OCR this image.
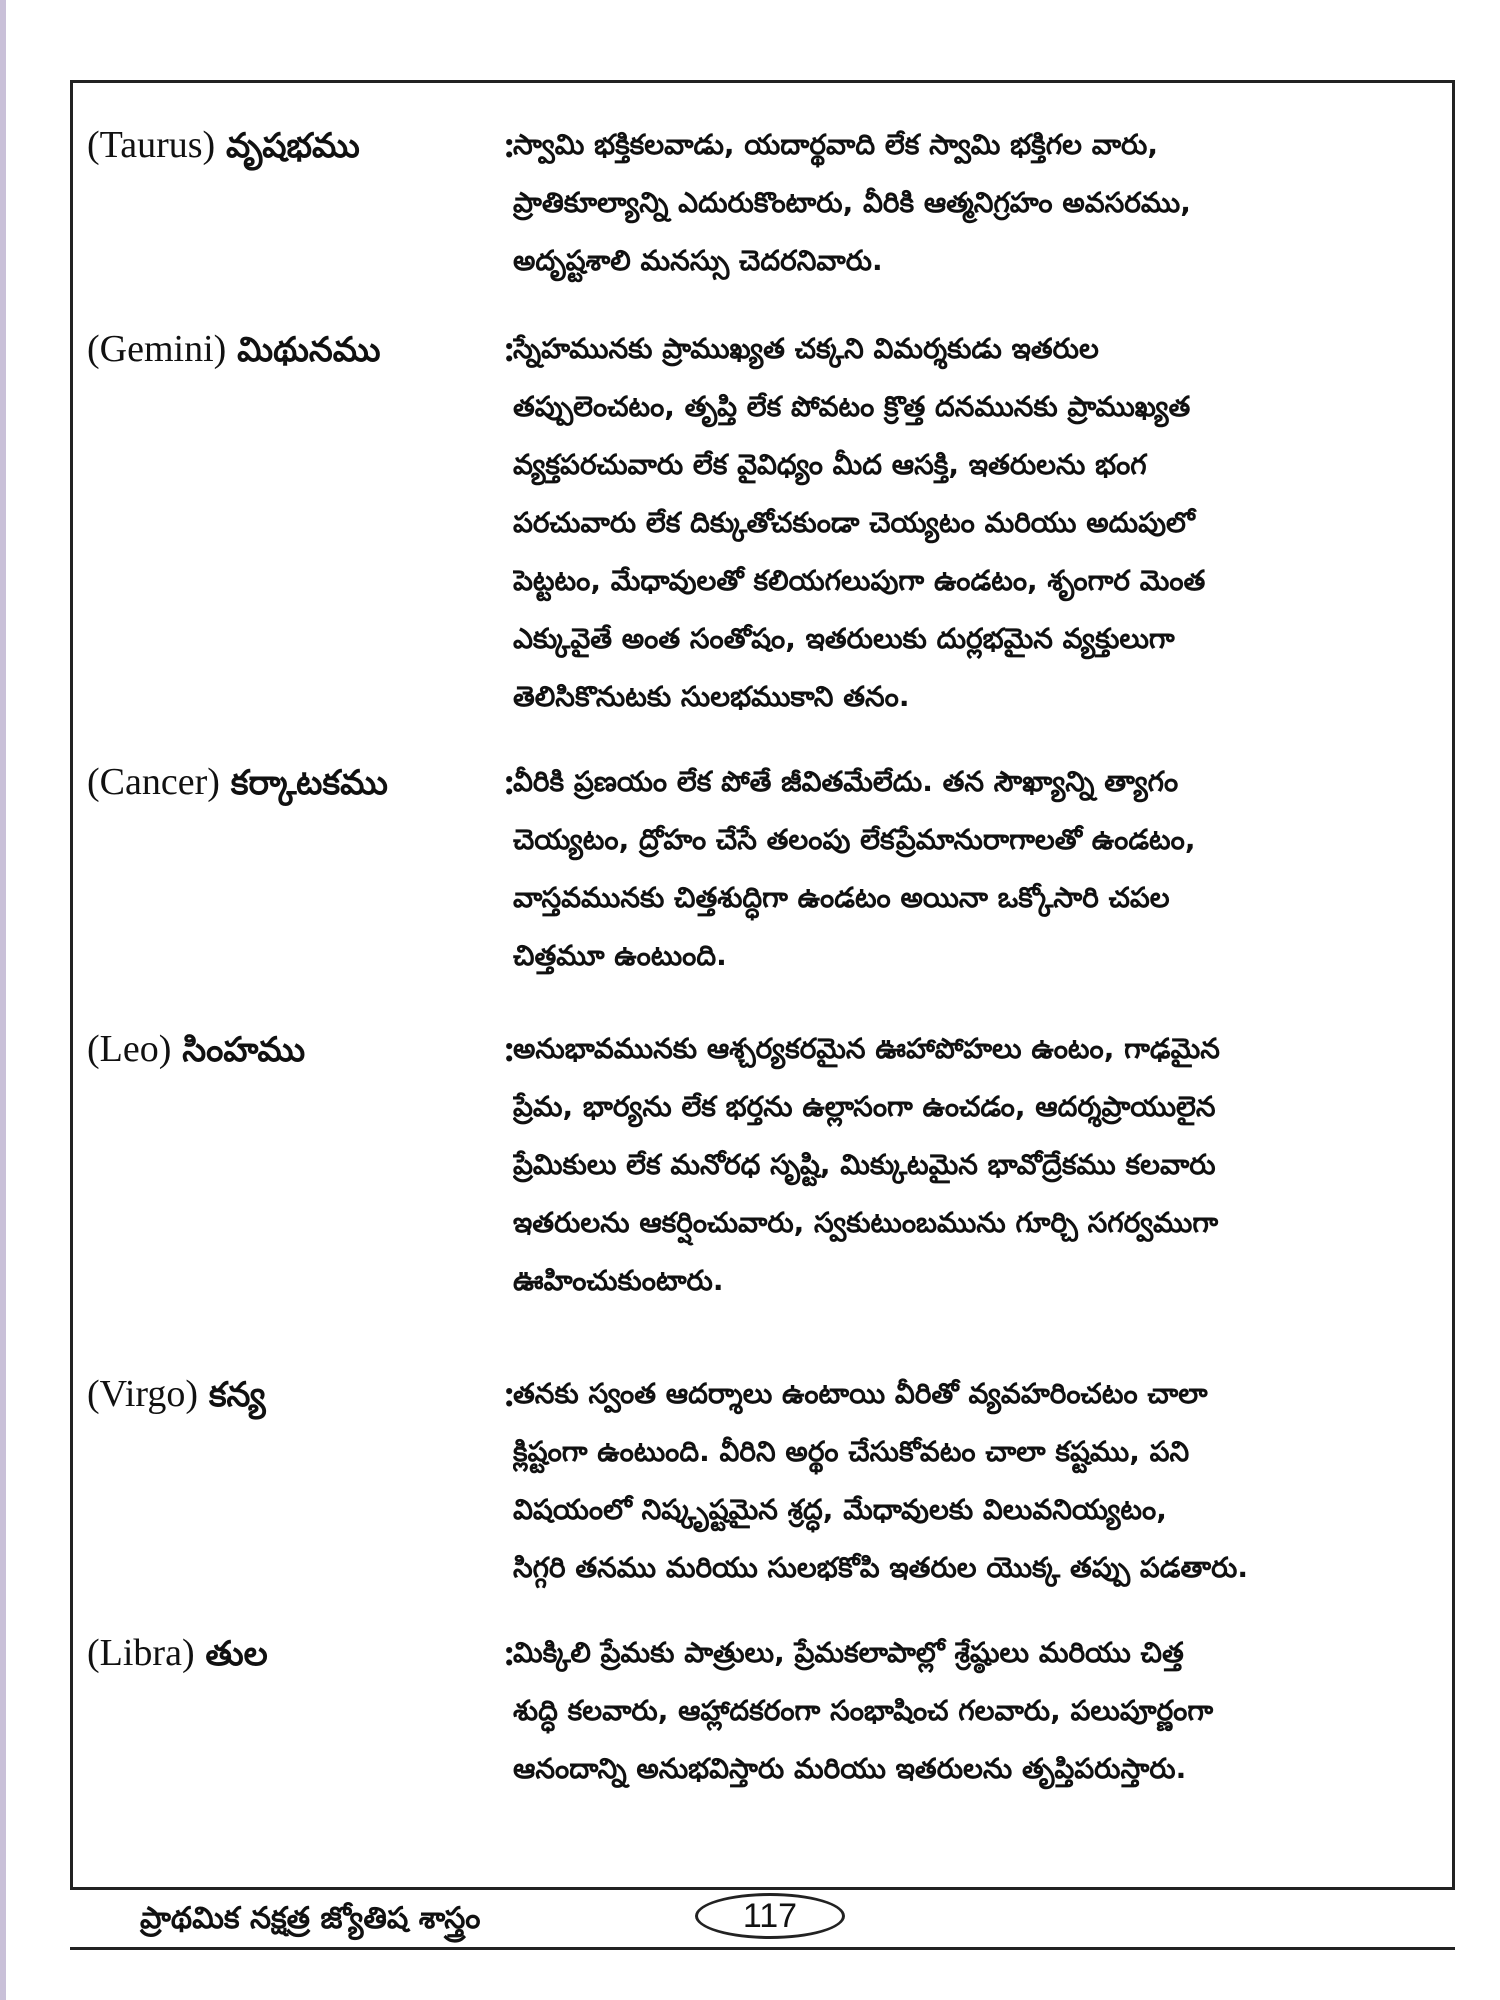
(Taurus) వృషభము	:
స్వామి భక్తికలవాడు, యదార్థవాది లేక స్వామి భక్తిగల వారు,
ప్రాతికూల్యాన్ని ఎదురుకొంటారు, వీరికి ఆత్మనిగ్రహం అవసరము,
అదృష్టశాలి మనస్సు చెదరనివారు.
(Gemini) మిథునము	:
స్నేహమునకు ప్రాముఖ్యత చక్కని విమర్శకుడు ఇతరుల
తప్పులెంచటం, తృప్తి లేక పోవటం క్రొత్త దనమునకు ప్రాముఖ్యత
వ్యక్తపరచువారు లేక వైవిధ్యం మీద ఆసక్తి, ఇతరులను భంగ
పరచువారు లేక దిక్కుతోచకుండా చెయ్యటం మరియు అదుపులో
పెట్టటం, మేధావులతో కలియగలుపుగా ఉండటం, శృంగార మెంత
ఎక్కువైతే అంత సంతోషం, ఇతరులుకు దుర్లభమైన వ్యక్తులుగా
తెలిసికొనుటకు సులభముకాని తనం.
(Cancer) కర్కాటకము	:
వీరికి ప్రణయం లేక పోతే జీవితమేలేదు. తన సౌఖ్యాన్ని త్యాగం
చెయ్యటం, ద్రోహం చేసే తలంపు లేకప్రేమానురాగాలతో ఉండటం,
వాస్తవమునకు చిత్తశుద్ధిగా ఉండటం అయినా ఒక్కోసారి చపల
చిత్తమూ ఉంటుంది.
(Leo) సింహము	:
అనుభావమునకు ఆశ్చర్యకరమైన ఊహాపోహలు ఉంటం, గాఢమైన
ప్రేమ, భార్యను లేక భర్తను ఉల్లాసంగా ఉంచడం, ఆదర్శప్రాయులైన
ప్రేమికులు లేక మనోరధ సృష్టి, మిక్కుటమైన భావోద్రేకము కలవారు
ఇతరులను ఆకర్షించువారు, స్వకుటుంబమును గూర్చి సగర్వముగా
ఊహించుకుంటారు.
(Virgo) కన్య	:
తనకు స్వంత ఆదర్శాలు ఉంటాయి వీరితో వ్యవహరించటం చాలా
క్లిష్టంగా ఉంటుంది. వీరిని అర్థం చేసుకోవటం చాలా కష్టము, పని
విషయంలో నిష్కృష్టమైన శ్రద్ధ, మేధావులకు విలువనియ్యటం,
సిగ్గరి తనము మరియు సులభకోపి ఇతరుల యొక్క తప్పు పడతారు.
(Libra) తుల	:
మిక్కిలి ప్రేమకు పాత్రులు, ప్రేమకలాపాల్లో శ్రేష్ఠులు మరియు చిత్త
శుద్ధి కలవారు, ఆహ్లాదకరంగా సంభాషించ గలవారు, పలుపూర్ణంగా
ఆనందాన్ని అనుభవిస్తారు మరియు ఇతరులను తృప్తిపరుస్తారు.
ప్రాథమిక నక్షత్ర జ్యోతిష శాస్త్రం	117
